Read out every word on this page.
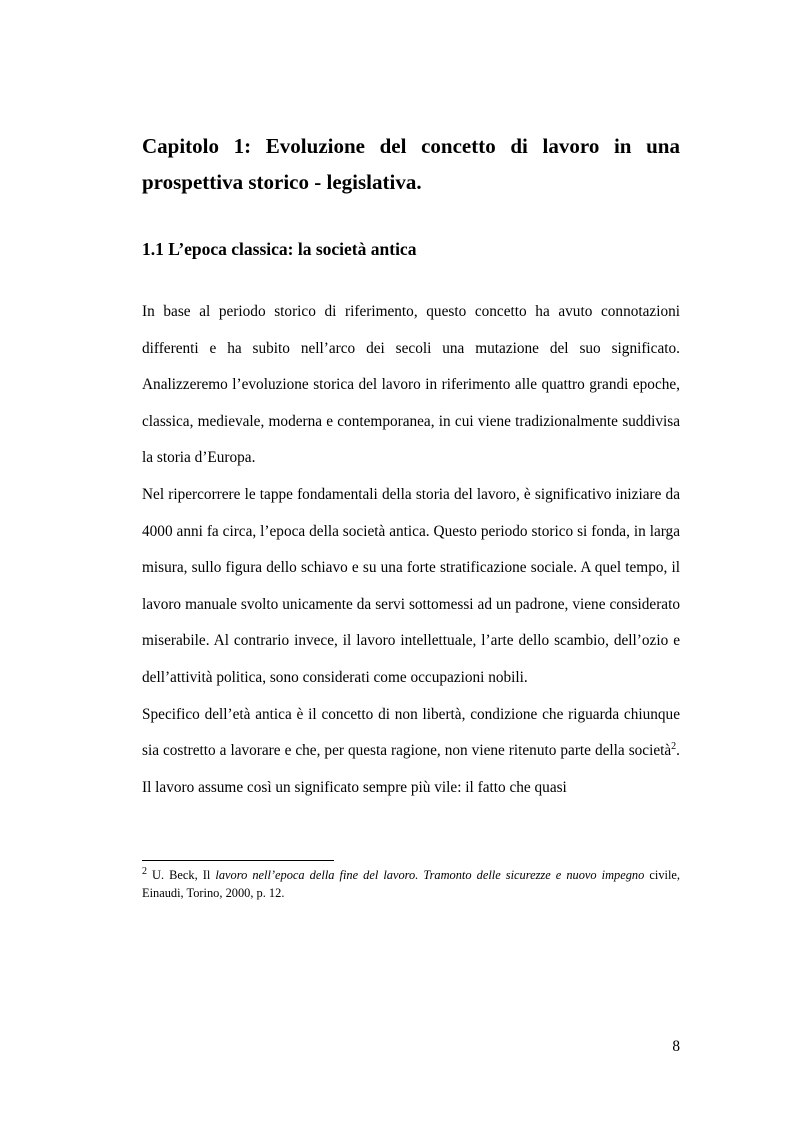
Capitolo 1: Evoluzione del concetto di lavoro in una prospettiva storico - legislativa.
1.1 L’epoca classica: la società antica

In base al periodo storico di riferimento, questo concetto ha avuto connotazioni differenti e ha subito nell’arco dei secoli una mutazione del suo significato. Analizzeremo l’evoluzione storica del lavoro in riferimento alle quattro grandi epoche, classica, medievale, moderna e contemporanea, in cui viene tradizionalmente suddivisa la storia d’Europa.

Nel ripercorrere le tappe fondamentali della storia del lavoro, è significativo iniziare da 4000 anni fa circa, l’epoca della società antica. Questo periodo storico si fonda, in larga misura, sullo figura dello schiavo e su una forte stratificazione sociale. A quel tempo, il lavoro manuale svolto unicamente da servi sottomessi ad un padrone, viene considerato miserabile. Al contrario invece, il lavoro intellettuale, l’arte dello scambio, dell’ozio e dell’attività politica, sono considerati come occupazioni nobili.

Specifico dell’età antica è il concetto di non libertà, condizione che riguarda chiunque sia costretto a lavorare e che, per questa ragione, non viene ritenuto parte della società$^2$. Il lavoro assume così un significato sempre più vile: il fatto che quasi

$^2$ U. Beck, Il lavoro nell’epoca della fine del lavoro. Tramonto delle sicurezze e nuovo impegno civile, Einaudi, Torino, 2000, p. 12.

8
